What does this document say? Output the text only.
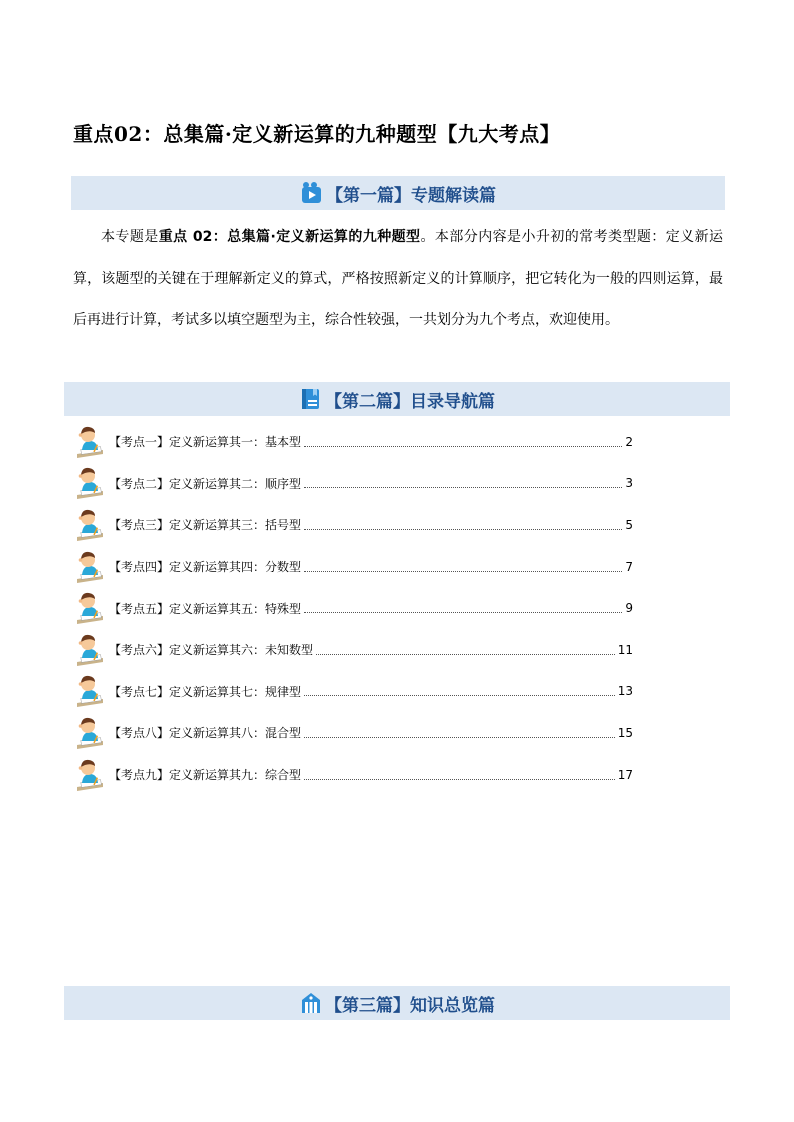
重点02：总集篇·定义新运算的九种题型【九大考点】
【第一篇】专题解读篇

本专题是重点 02：总集篇·定义新运算的九种题型。本部分内容是小升初的常考类型题：定义新运算，该题型的关键在于理解新定义的算式，严格按照新定义的计算顺序，把它转化为一般的四则运算，最后再进行计算，考试多以填空题型为主，综合性较强，一共划分为九个考点，欢迎使用。

【第二篇】目录导航篇
【考点一】定义新运算其一：基本型	2
【考点二】定义新运算其二：顺序型	3
【考点三】定义新运算其三：括号型	5
【考点四】定义新运算其四：分数型	7
【考点五】定义新运算其五：特殊型	9
【考点六】定义新运算其六：未知数型	11
【考点七】定义新运算其七：规律型	13
【考点八】定义新运算其八：混合型	15
【考点九】定义新运算其九：综合型	17
【第三篇】知识总览篇
